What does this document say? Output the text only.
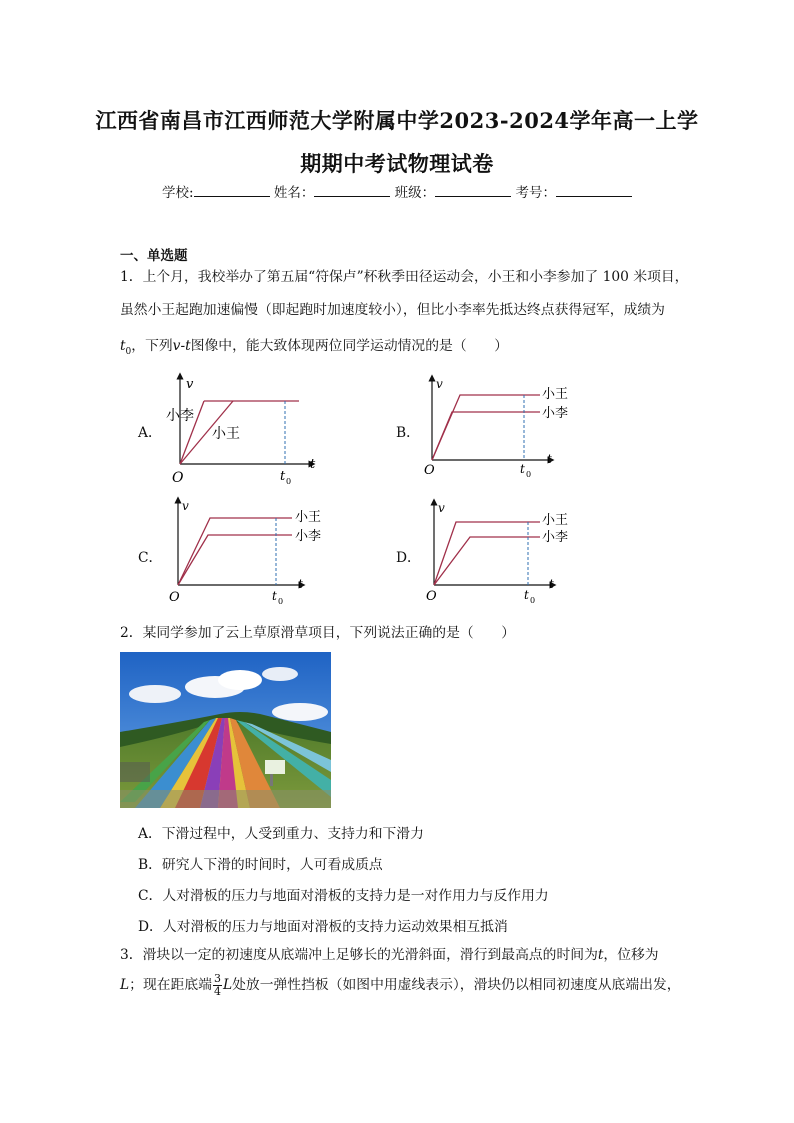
江西省南昌市江西师范大学附属中学2023-2024学年高一上学
期期中考试物理试卷
学校:	姓名：	班级：	考号：
一、单选题
1．上个月，我校举办了第五届“符保卢”杯秋季田径运动会，小王和小李参加了 100 米项目，
虽然小王起跑加速偏慢（即起跑时加速度较小），但比小李率先抵达终点获得冠军，成绩为
$t_0$，下列v-t图像中，能大致体现两位同学运动情况的是（　　）
A．	B．
C．	D．
v
t
O	t 0
小李
小王
v
t
O	t 0
小王
小李
v
t
O	t 0
小王
小李
v
t
O	t 0
小王
小李
2．某同学参加了云上草原滑草项目，下列说法正确的是（　　）
A．下滑过程中，人受到重力、支持力和下滑力
B．研究人下滑的时间时，人可看成质点
C．人对滑板的压力与地面对滑板的支持力是一对作用力与反作用力
D．人对滑板的压力与地面对滑板的支持力运动效果相互抵消
3．滑块以一定的初速度从底端冲上足够长的光滑斜面，滑行到最高点的时间为t，位移为
L；现在距底端 $\frac{3}{4}$ L处放一弹性挡板（如图中用虚线表示），滑块仍以相同初速度从底端出发，
